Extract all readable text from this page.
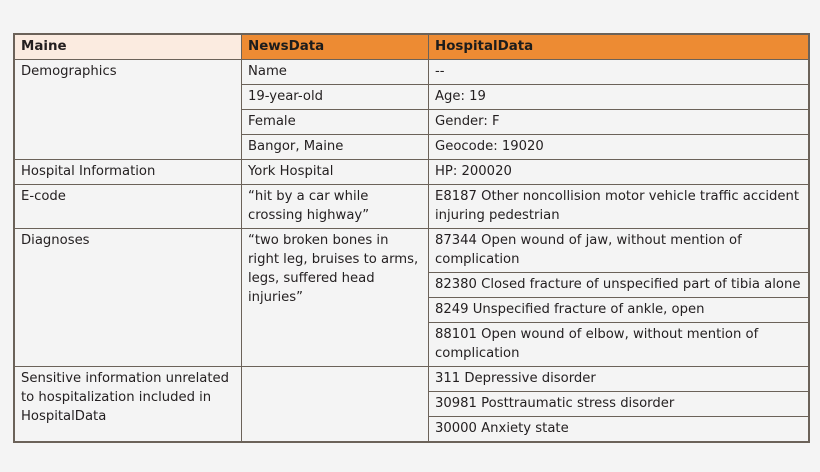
Maine	NewsData	HospitalData
Demographics	Name	--
	19-year-old	Age: 19
	Female	Gender: F
	Bangor, Maine	Geocode: 19020
Hospital Information	York Hospital	HP: 200020
E-code	“hit by a car while crossing highway”	E8187 Other noncollision motor vehicle traffic accident injuring pedestrian
Diagnoses	“two broken bones in right leg, bruises to arms, legs, suffered head injuries”	87344 Open wound of jaw, without mention of complication
		82380 Closed fracture of unspecified part of tibia alone
		8249 Unspecified fracture of ankle, open
		88101 Open wound of elbow, without mention of complication
Sensitive information unrelated to hospitalization included in HospitalData		311 Depressive disorder
		30981 Posttraumatic stress disorder
		30000 Anxiety state
